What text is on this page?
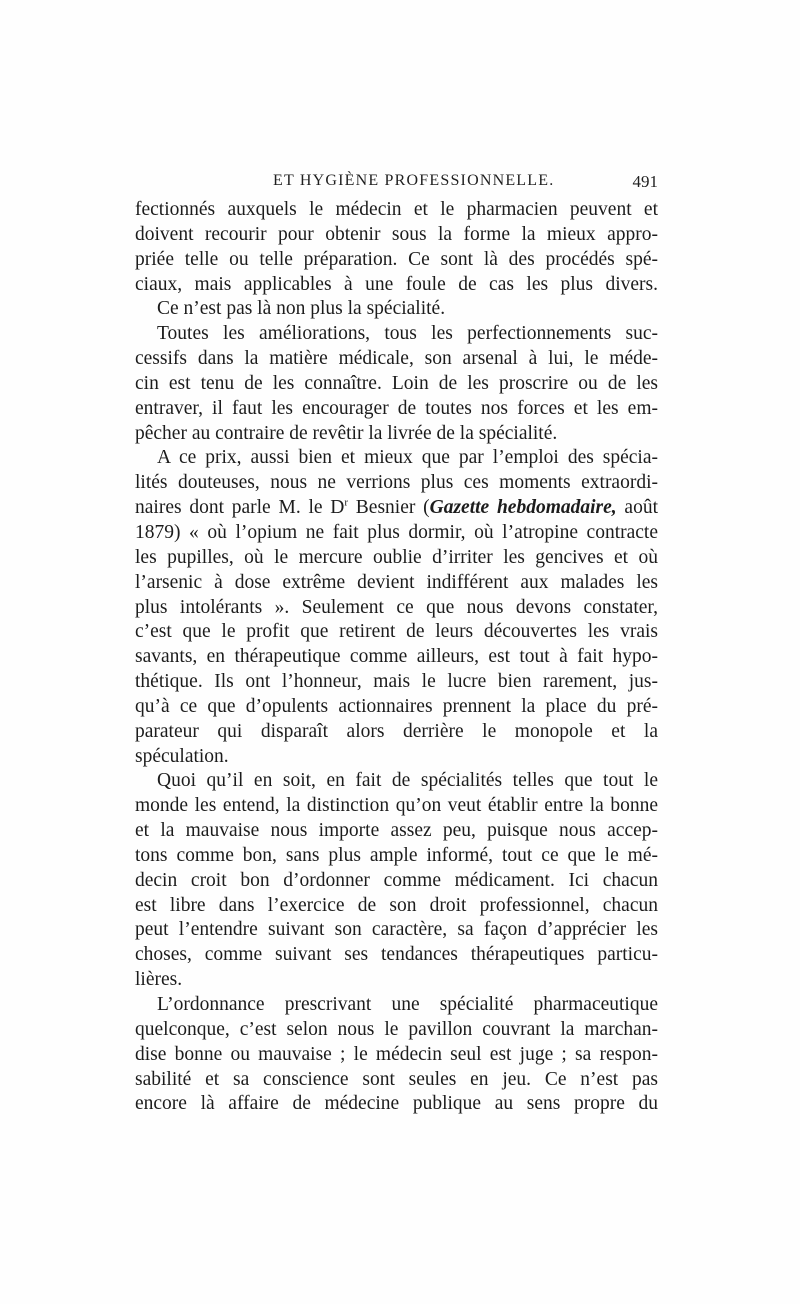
ET HYGIÈNE PROFESSIONNELLE.	491
fectionnés auxquels le médecin et le pharmacien peuvent et
doivent recourir pour obtenir sous la forme la mieux appro-
priée telle ou telle préparation. Ce sont là des procédés spé-
ciaux, mais applicables à une foule de cas les plus divers.
Ce n’est pas là non plus la spécialité.
Toutes les améliorations, tous les perfectionnements suc-
cessifs dans la matière médicale, son arsenal à lui, le méde-
cin est tenu de les connaître. Loin de les proscrire ou de les
entraver, il faut les encourager de toutes nos forces et les em-
pêcher au contraire de revêtir la livrée de la spécialité.
A ce prix, aussi bien et mieux que par l’emploi des spécia-
lités douteuses, nous ne verrions plus ces moments extraordi-
naires dont parle M. le $D^r$ Besnier (Gazette hebdomadaire, août
1879) « où l’opium ne fait plus dormir, où l’atropine contracte
les pupilles, où le mercure oublie d’irriter les gencives et où
l’arsenic à dose extrême devient indifférent aux malades les
plus intolérants ». Seulement ce que nous devons constater,
c’est que le profit que retirent de leurs découvertes les vrais
savants, en thérapeutique comme ailleurs, est tout à fait hypo-
thétique. Ils ont l’honneur, mais le lucre bien rarement, jus-
qu’à ce que d’opulents actionnaires prennent la place du pré-
parateur qui disparaît alors derrière le monopole et la
spéculation.
Quoi qu’il en soit, en fait de spécialités telles que tout le
monde les entend, la distinction qu’on veut établir entre la bonne
et la mauvaise nous importe assez peu, puisque nous accep-
tons comme bon, sans plus ample informé, tout ce que le mé-
decin croit bon d’ordonner comme médicament. Ici chacun
est libre dans l’exercice de son droit professionnel, chacun
peut l’entendre suivant son caractère, sa façon d’apprécier les
choses, comme suivant ses tendances thérapeutiques particu-
lières.
L’ordonnance prescrivant une spécialité pharmaceutique
quelconque, c’est selon nous le pavillon couvrant la marchan-
dise bonne ou mauvaise ; le médecin seul est juge ; sa respon-
sabilité et sa conscience sont seules en jeu. Ce n’est pas
encore là affaire de médecine publique au sens propre du
